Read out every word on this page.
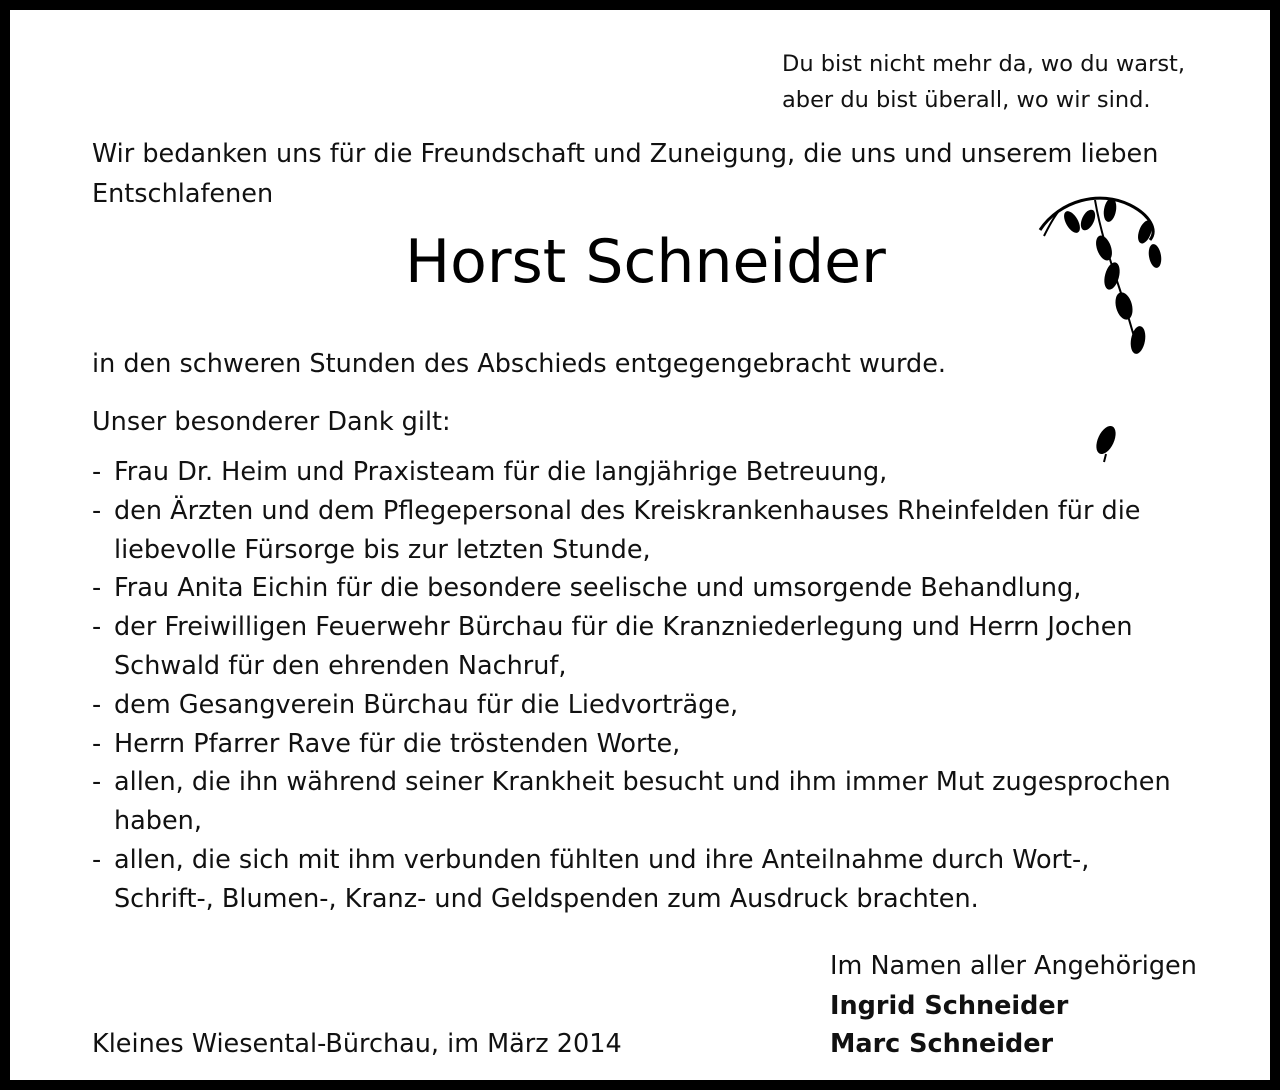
Du bist nicht mehr da, wo du warst,
aber du bist überall, wo wir sind.

Wir bedanken uns für die Freundschaft und Zuneigung, die uns und unserem lieben Entschlafenen

Horst Schneider

in den schweren Stunden des Abschieds entgegengebracht wurde.

Unser besonderer Dank gilt:

- Frau Dr. Heim und Praxisteam für die langjährige Betreuung,
- den Ärzten und dem Pflegepersonal des Kreiskrankenhauses Rheinfelden für die
liebevolle Fürsorge bis zur letzten Stunde,
- Frau Anita Eichin für die besondere seelische und umsorgende Behandlung,
- der Freiwilligen Feuerwehr Bürchau für die Kranzniederlegung und Herrn Jochen
Schwald für den ehrenden Nachruf,
- dem Gesangverein Bürchau für die Liedvorträge,
- Herrn Pfarrer Rave für die tröstenden Worte,
- allen, die ihn während seiner Krankheit besucht und ihm immer Mut zugesprochen
haben,
- allen, die sich mit ihm verbunden fühlten und ihre Anteilnahme durch Wort-,
Schrift-, Blumen-, Kranz- und Geldspenden zum Ausdruck brachten.

Im Namen aller Angehörigen

Ingrid Schneider

Marc Schneider

Kleines Wiesental-Bürchau, im März 2014
